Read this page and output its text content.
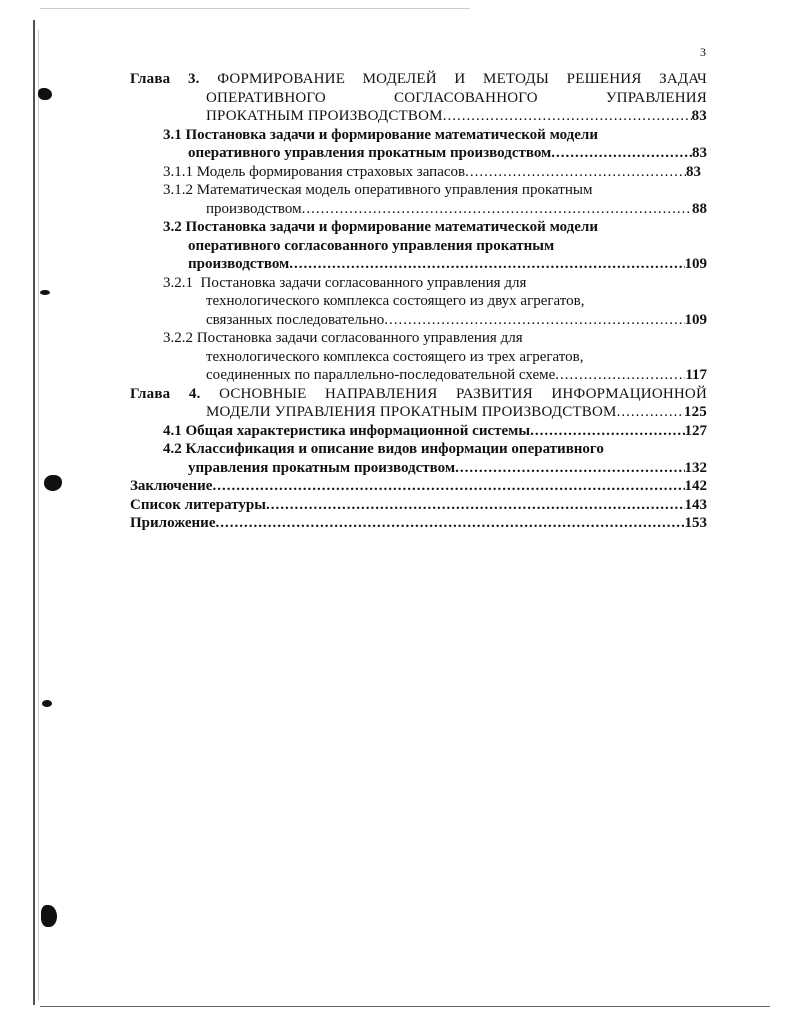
3
Глава 3. ФОРМИРОВАНИЕ МОДЕЛЕЙ И МЕТОДЫ РЕШЕНИЯ ЗАДАЧ
ОПЕРАТИВНОГО СОГЛАСОВАННОГО УПРАВЛЕНИЯ
ПРОКАТНЫМ ПРОИЗВОДСТВОМ .....	83
3.1 Постановка задачи и формирование математической модели
оперативного управления прокатным производством .....	83
3.1.1 Модель формирования страховых запасов .....	83
3.1.2 Математическая модель оперативного управления прокатным
производством .....	88
3.2 Постановка задачи и формирование математической модели
оперативного согласованного управления прокатным
производством .....	109
3.2.1  Постановка задачи согласованного управления для
технологического комплекса состоящего из двух агрегатов,
связанных последовательно .....	109
3.2.2 Постановка задачи согласованного управления для
технологического комплекса состоящего из трех агрегатов,
соединенных по параллельно-последовательной схеме .....	117
Глава 4. ОСНОВНЫЕ НАПРАВЛЕНИЯ РАЗВИТИЯ ИНФОРМАЦИОННОЙ
МОДЕЛИ УПРАВЛЕНИЯ ПРОКАТНЫМ ПРОИЗВОДСТВОМ .....	125
4.1 Общая характеристика информационной системы .....	127
4.2 Классификация и описание видов информации оперативного
управления прокатным производством .....	132
Заключение .....	142
Список литературы .....	143
Приложение .....	153
